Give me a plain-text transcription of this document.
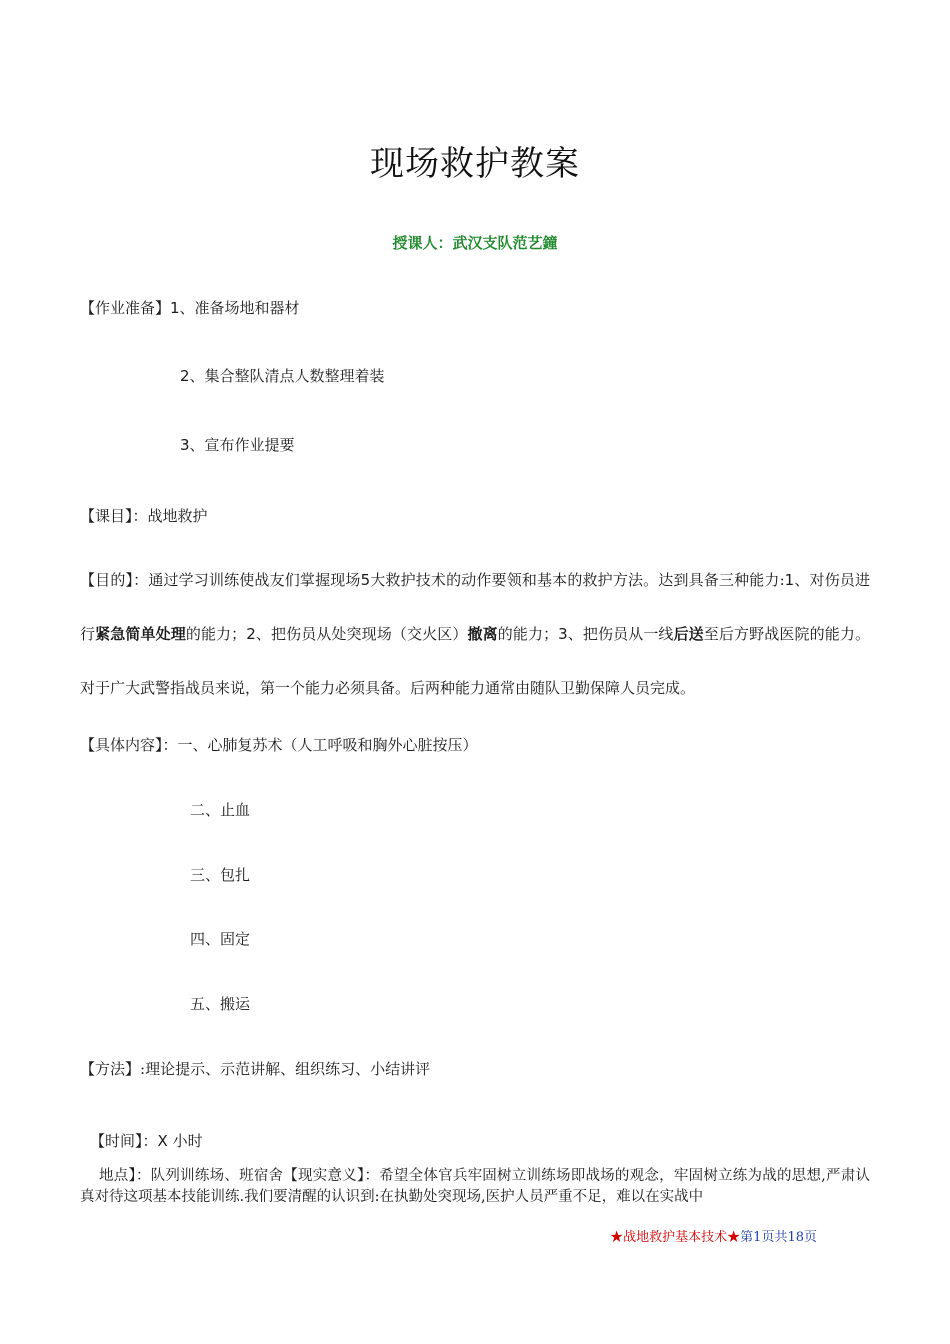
现场救护教案
授课人：武汉支队范艺鐘
【作业准备】1、准备场地和器材
2、集合整队清点人数整理着装
3、宣布作业提要
【课目】：战地救护
【目的】：通过学习训练使战友们掌握现场5大救护技术的动作要领和基本的救护方法。达到具备三种能力:1、对伤员进行紧急简单处理的能力；2、把伤员从处突现场（交火区）撤离的能力；3、把伤员从一线后送至后方野战医院的能力。对于广大武警指战员来说，第一个能力必须具备。后两种能力通常由随队卫勤保障人员完成。
【具体内容】：一、心肺复苏术（人工呼吸和胸外心脏按压）
二、止血
三、包扎
四、固定
五、搬运
【方法】:理论提示、示范讲解、组织练习、小结讲评
【时间】：X 小时
地点】：队列训练场、班宿舍【现实意义】：希望全体官兵牢固树立训练场即战场的观念，牢固树立练为战的思想,严肃认真对待这项基本技能训练.我们要清醒的认识到:在执勤处突现场,医护人员严重不足，难以在实战中
★战地救护基本技术★第1页共18页
